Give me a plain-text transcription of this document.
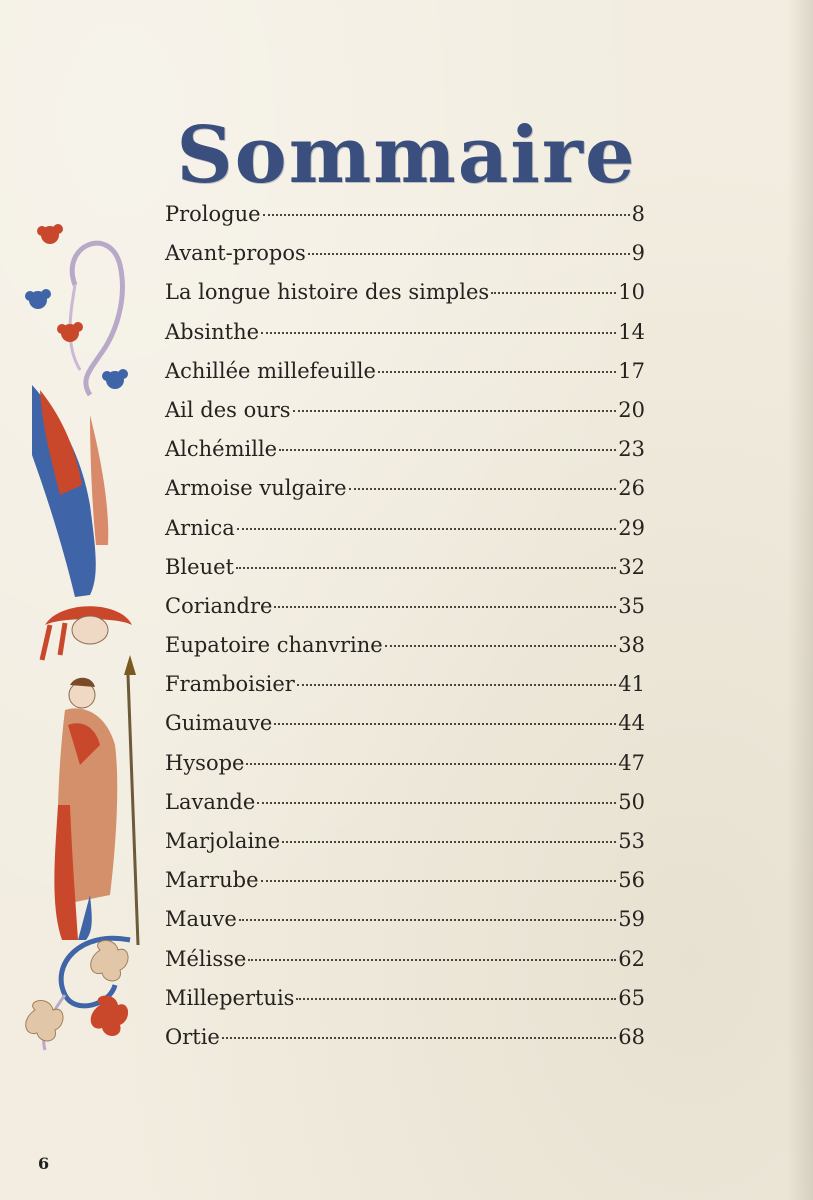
Sommaire
Prologue	8
Avant-propos	9
La longue histoire des simples	10
Absinthe	14
Achillée millefeuille	17
Ail des ours	20
Alchémille	23
Armoise vulgaire	26
Arnica	29
Bleuet	32
Coriandre	35
Eupatoire chanvrine	38
Framboisier	41
Guimauve	44
Hysope	47
Lavande	50
Marjolaine	53
Marrube	56
Mauve	59
Mélisse	62
Millepertuis	65
Ortie	68
6
